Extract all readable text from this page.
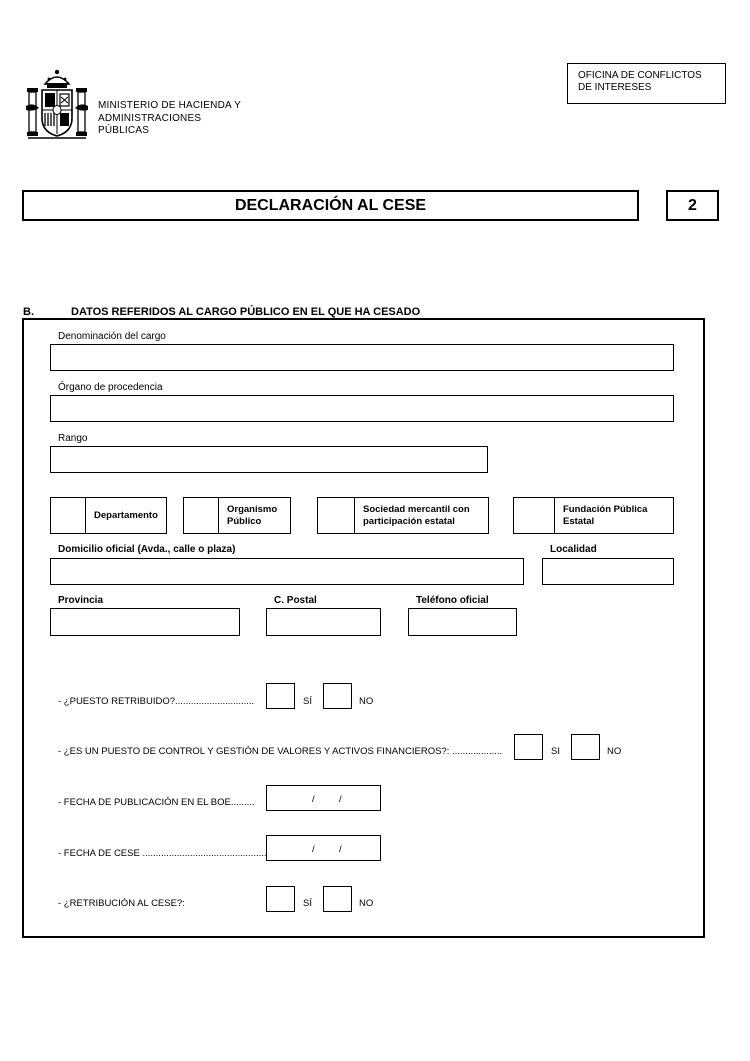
MINISTERIO DE HACIENDA Y
ADMINISTRACIONES
PÚBLICAS
OFICINA DE CONFLICTOS
DE INTERESES
DECLARACIÓN AL CESE	2
B.	DATOS REFERIDOS AL CARGO PÚBLICO EN EL QUE HA CESADO
Denominación del cargo
Órgano de procedencia
Rango
Departamento
Organismo
Público
Sociedad mercantil con
participación estatal
Fundación Pública
Estatal
Domicilio oficial (Avda., calle o plaza)	Localidad
Provincia	C. Postal	Teléfono oficial
- ¿PUESTO RETRIBUIDO?..............................	SÍ	NO
- ¿ES UN PUESTO DE CONTROL Y GESTIÓN DE VALORES Y ACTIVOS FINANCIEROS?: ...................	SI	NO
- FECHA DE PUBLICACIÓN EN EL BOE.........	/	/
- FECHA DE CESE ...............................................	/	/
- ¿RETRIBUCIÓN AL CESE?:	SÍ	NO
